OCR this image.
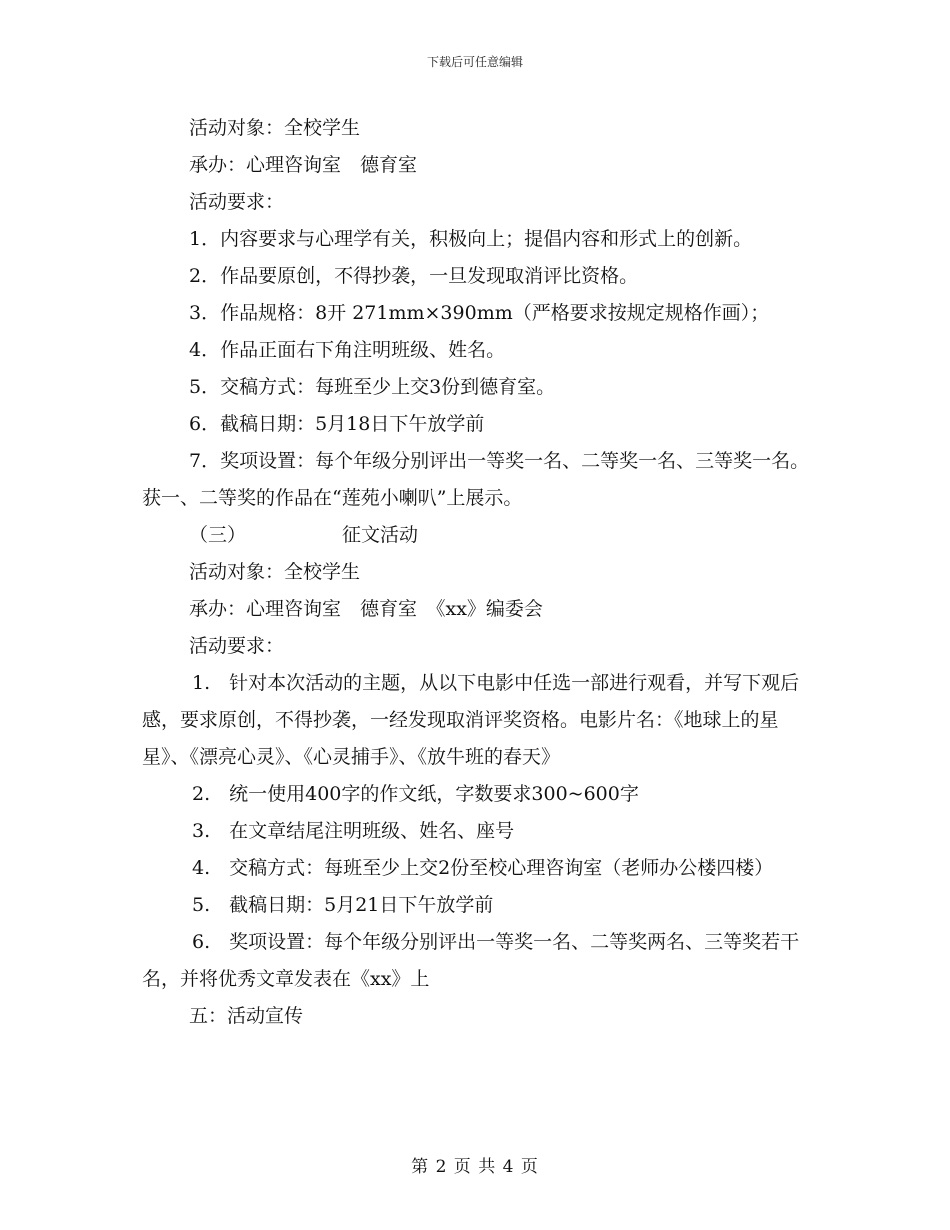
下载后可任意编辑

活动对象：全校学生

承办：心理咨询室　德育室

活动要求：

1．内容要求与心理学有关，积极向上；提倡内容和形式上的创新。

2．作品要原创，不得抄袭，一旦发现取消评比资格。

3．作品规格：8开 271mm×390mm（严格要求按规定规格作画）；

4．作品正面右下角注明班级、姓名。

5．交稿方式：每班至少上交3份到德育室。

6．截稿日期：5月18日下午放学前

7．奖项设置：每个年级分别评出一等奖一名、二等奖一名、三等奖一名。获一、二等奖的作品在“莲苑小喇叭”上展示。

（三）	征文活动

活动对象：全校学生

承办：心理咨询室　德育室　《xx》编委会

活动要求：

1.　针对本次活动的主题，从以下电影中任选一部进行观看，并写下观后感，要求原创，不得抄袭，一经发现取消评奖资格。电影片名：《地球上的星星》、《漂亮心灵》、《心灵捕手》、《放牛班的春天》

2.　统一使用400字的作文纸，字数要求300~600字

3.　在文章结尾注明班级、姓名、座号

4.　交稿方式：每班至少上交2份至校心理咨询室（老师办公楼四楼）

5.　截稿日期：5月21日下午放学前

6.　奖项设置：每个年级分别评出一等奖一名、二等奖两名、三等奖若干名，并将优秀文章发表在《xx》上

五：活动宣传

第 2 页 共 4 页
